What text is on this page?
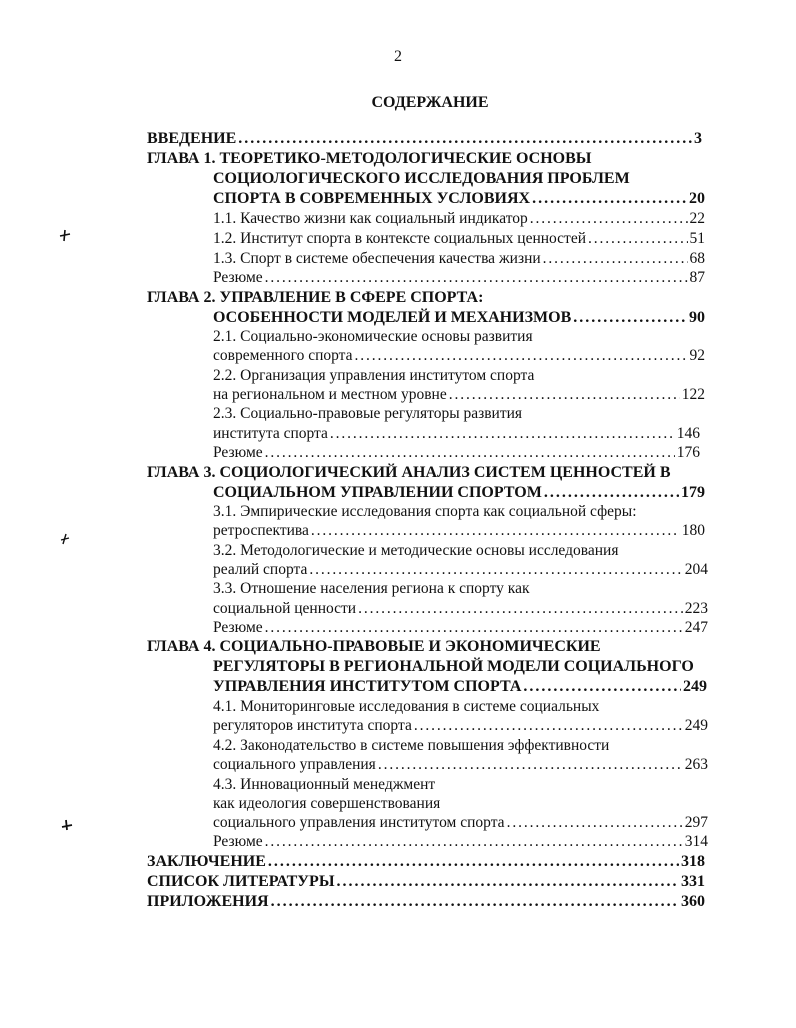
2
СОДЕРЖАНИЕ
ВВЕДЕНИЕ . . .	3
ГЛАВА 1. ТЕОРЕТИКО-МЕТОДОЛОГИЧЕСКИЕ ОСНОВЫ
СОЦИОЛОГИЧЕСКОГО ИССЛЕДОВАНИЯ ПРОБЛЕМ
СПОРТА В СОВРЕМЕННЫХ УСЛОВИЯХ . . .	20
1.1. Качество жизни как социальный индикатор . . .	22
1.2. Институт спорта в контексте социальных ценностей . . .	51
1.3. Спорт в системе обеспечения качества жизни . . .	68
Резюме . . .	87
ГЛАВА 2. УПРАВЛЕНИЕ В СФЕРЕ СПОРТА:
ОСОБЕННОСТИ МОДЕЛЕЙ И МЕХАНИЗМОВ . . .	90
2.1. Социально-экономические основы развития
современного спорта . . .	92
2.2. Организация управления институтом спорта
на региональном и местном уровне . . .	122
2.3. Социально-правовые регуляторы развития
института спорта . . .	146
Резюме . . .	176
ГЛАВА 3. СОЦИОЛОГИЧЕСКИЙ АНАЛИЗ СИСТЕМ ЦЕННОСТЕЙ В
СОЦИАЛЬНОМ УПРАВЛЕНИИ СПОРТОМ . . .	179
3.1. Эмпирические исследования спорта как социальной сферы:
ретроспектива . . .	180
3.2. Методологические и методические основы исследования
реалий спорта . . .	204
3.3. Отношение населения региона к спорту как
социальной ценности . . .	223
Резюме . . .	247
ГЛАВА 4. СОЦИАЛЬНО-ПРАВОВЫЕ И ЭКОНОМИЧЕСКИЕ
РЕГУЛЯТОРЫ В РЕГИОНАЛЬНОЙ МОДЕЛИ СОЦИАЛЬНОГО
УПРАВЛЕНИЯ ИНСТИТУТОМ СПОРТА . . .	249
4.1. Мониторинговые исследования в системе социальных
регуляторов института спорта . . .	249
4.2. Законодательство в системе повышения эффективности
социального управления . . .	263
4.3. Инновационный менеджмент
как идеология совершенствования
социального управления институтом спорта . . .	297
Резюме . . .	314
ЗАКЛЮЧЕНИЕ . . .	318
СПИСОК ЛИТЕРАТУРЫ . . .	331
ПРИЛОЖЕНИЯ . . .	360
